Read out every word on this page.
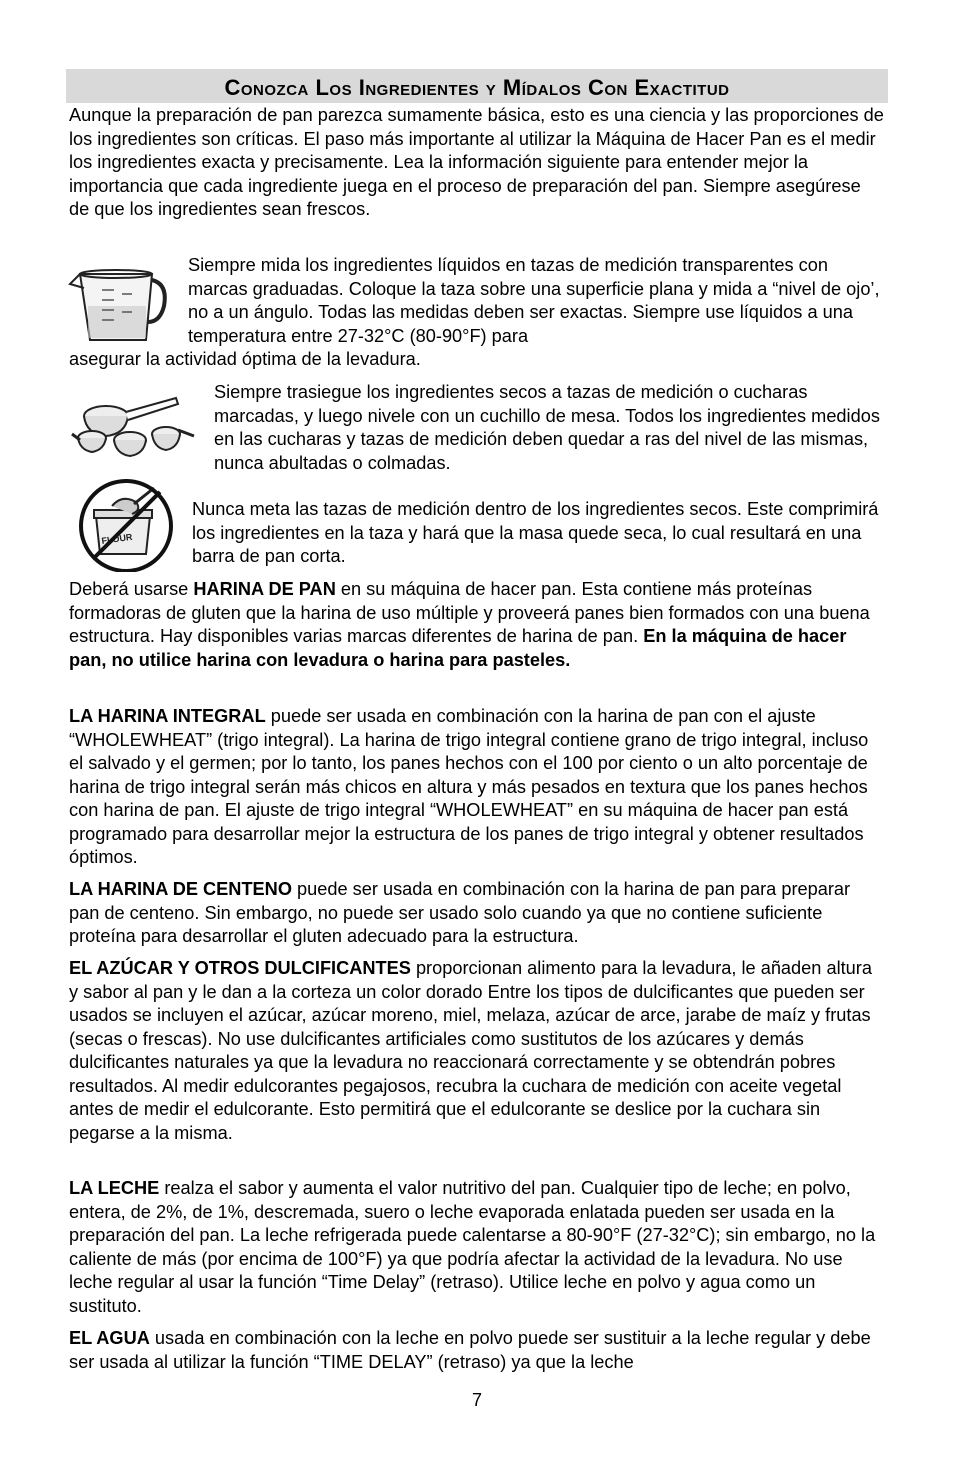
Conozca Los Ingredientes y Mídalos Con Exactitud
Aunque la preparación de pan parezca sumamente básica, esto es una ciencia y las proporciones de los ingredientes son críticas. El paso más importante al utilizar la Máquina de Hacer Pan es el medir los ingredientes exacta y precisamente. Lea la información siguiente para entender mejor la importancia que cada ingrediente juega en el proceso de preparación del pan. Siempre asegúrese de que los ingredientes sean frescos.
Siempre mida los ingredientes líquidos en tazas de medición transparentes con marcas graduadas. Coloque la taza sobre una superficie plana y mida a “nivel de ojo’, no a un ángulo. Todas las medidas deben ser exactas. Siempre use líquidos a una temperatura entre 27-32°C (80-90°F) para
asegurar la actividad óptima de la levadura.
Siempre trasiegue los ingredientes secos a tazas de medición o cucharas marcadas, y luego nivele con un cuchillo de mesa. Todos los ingredientes medidos en las cucharas y tazas de medición deben quedar a ras del nivel de las mismas, nunca abultadas o colmadas.
FLOUR
Nunca meta las tazas de medición dentro de los ingredientes secos. Este comprimirá los ingredientes en la taza y hará que la masa quede seca, lo cual resultará en una barra de pan corta.
Deberá usarse HARINA DE PAN en su máquina de hacer pan. Esta contiene más proteínas formadoras de gluten que la harina de uso múltiple y proveerá panes bien formados con una buena estructura. Hay disponibles varias marcas diferentes de harina de pan. En la máquina de hacer pan, no utilice harina con levadura o harina para pasteles.
LA HARINA INTEGRAL puede ser usada en combinación con la harina de pan con el ajuste “WHOLEWHEAT” (trigo integral). La harina de trigo integral contiene grano de trigo integral, incluso el salvado y el germen; por lo tanto, los panes hechos con el 100 por ciento o un alto porcentaje de harina de trigo integral serán más chicos en altura y más pesados en textura que los panes hechos con harina de pan. El ajuste de trigo integral “WHOLEWHEAT” en su máquina de hacer pan está programado para desarrollar mejor la estructura de los panes de trigo integral y obtener resultados óptimos.
LA HARINA DE CENTENO puede ser usada en combinación con la harina de pan para preparar pan de centeno. Sin embargo, no puede ser usado solo cuando ya que no contiene suficiente proteína para desarrollar el gluten adecuado para la estructura.
EL AZÚCAR Y OTROS DULCIFICANTES proporcionan alimento para la levadura, le añaden altura y sabor al pan y le dan a la corteza un color dorado Entre los tipos de dulcificantes que pueden ser usados se incluyen el azúcar, azúcar moreno, miel, melaza, azúcar de arce, jarabe de maíz y frutas (secas o frescas). No use dulcificantes artificiales como sustitutos de los azúcares y demás dulcificantes naturales ya que la levadura no reaccionará correctamente y se obtendrán pobres resultados. Al medir edulcorantes pegajosos, recubra la cuchara de medición con aceite vegetal antes de medir el edulcorante. Esto permitirá que el edulcorante se deslice por la cuchara sin pegarse a la misma.
LA LECHE realza el sabor y aumenta el valor nutritivo del pan. Cualquier tipo de leche; en polvo, entera, de 2%, de 1%, descremada, suero o leche evaporada enlatada pueden ser usada en la preparación del pan. La leche refrigerada puede calentarse a 80-90°F (27-32°C); sin embargo, no la caliente de más (por encima de 100°F) ya que podría afectar la actividad de la levadura. No use leche regular al usar la función “Time Delay” (retraso). Utilice leche en polvo y agua como un sustituto.
EL AGUA usada en combinación con la leche en polvo puede ser sustituir a la leche regular y debe ser usada al utilizar la función “TIME DELAY” (retraso) ya que la leche
7
